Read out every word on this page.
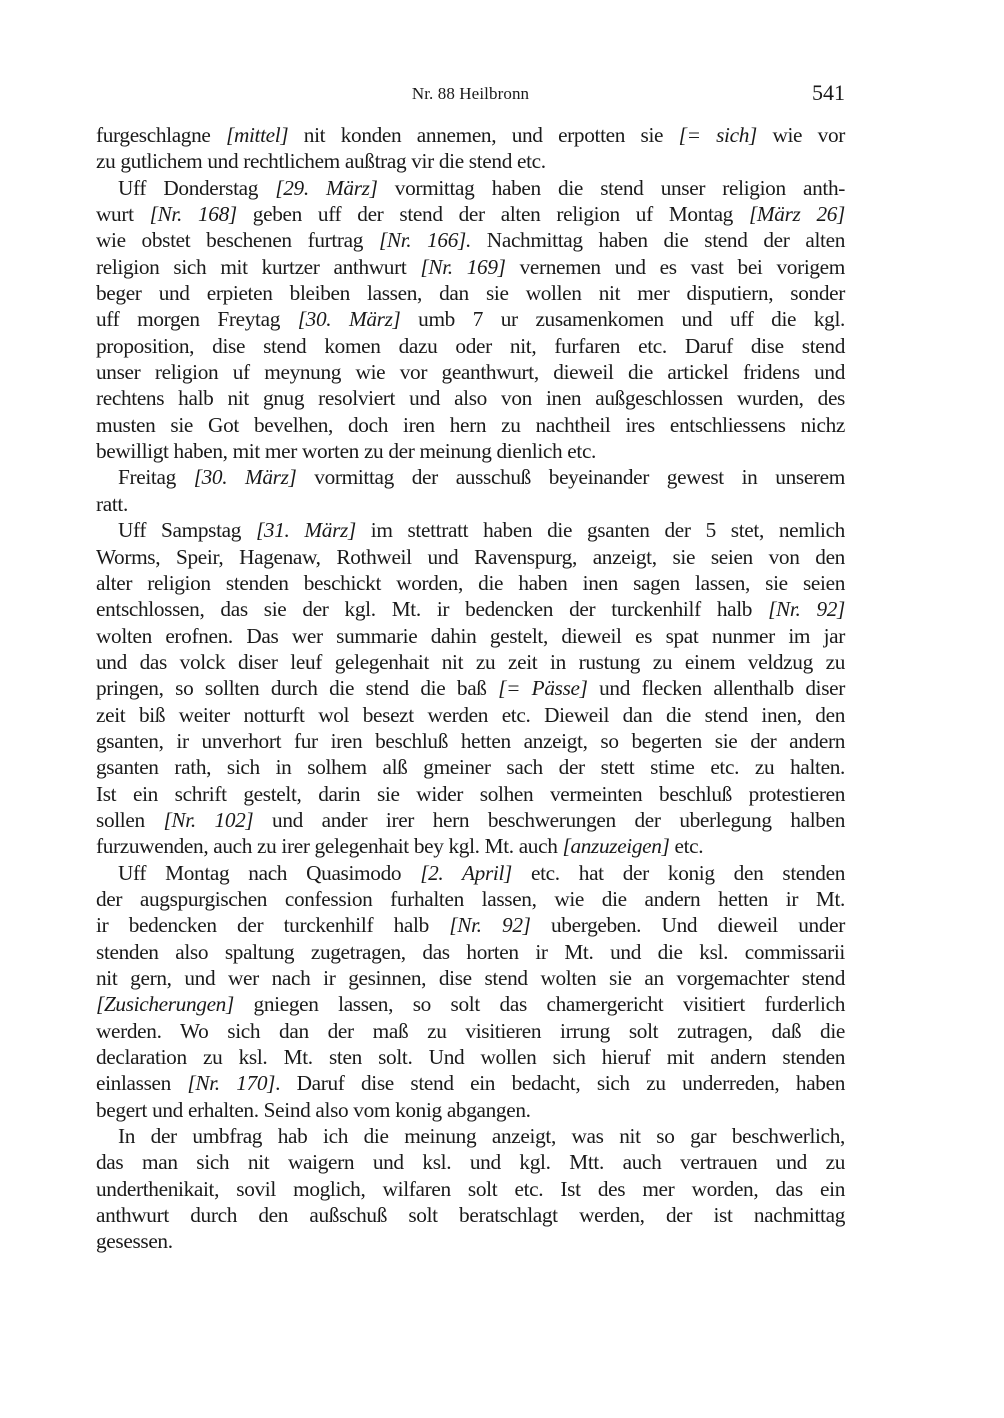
Nr. 88 Heilbronn	541
furgeschlagne [mittel] nit konden annemen, und erpotten sie [= sich] wie vor
zu gutlichem und rechtlichem außtrag vir die stend etc.
Uff Donderstag [29. März] vormittag haben die stend unser religion anth-
wurt [Nr. 168] geben uff der stend der alten religion uf Montag [März 26]
wie obstet beschenen furtrag [Nr. 166]. Nachmittag haben die stend der alten
religion sich mit kurtzer anthwurt [Nr. 169] vernemen und es vast bei vorigem
beger und erpieten bleiben lassen, dan sie wollen nit mer disputiern, sonder
uff morgen Freytag [30. März] umb 7 ur zusamenkomen und uff die kgl.
proposition, dise stend komen dazu oder nit, furfaren etc. Daruf dise stend
unser religion uf meynung wie vor geanthwurt, dieweil die artickel fridens und
rechtens halb nit gnug resolviert und also von inen außgeschlossen wurden, des
musten sie Got bevelhen, doch iren hern zu nachtheil ires entschliessens nichz
bewilligt haben, mit mer worten zu der meinung dienlich etc.
Freitag [30. März] vormittag der ausschuß beyeinander gewest in unserem
ratt.
Uff Sampstag [31. März] im stettratt haben die gsanten der 5 stet, nemlich
Worms, Speir, Hagenaw, Rothweil und Ravenspurg, anzeigt, sie seien von den
alter religion stenden beschickt worden, die haben inen sagen lassen, sie seien
entschlossen, das sie der kgl. Mt. ir bedencken der turckenhilf halb [Nr. 92]
wolten erofnen. Das wer summarie dahin gestelt, dieweil es spat nunmer im jar
und das volck diser leuf gelegenhait nit zu zeit in rustung zu einem veldzug zu
pringen, so sollten durch die stend die baß [= Pässe] und flecken allenthalb diser
zeit biß weiter notturft wol besezt werden etc. Dieweil dan die stend inen, den
gsanten, ir unverhort fur iren beschluß hetten anzeigt, so begerten sie der andern
gsanten rath, sich in solhem alß gmeiner sach der stett stime etc. zu halten.
Ist ein schrift gestelt, darin sie wider solhen vermeinten beschluß protestieren
sollen [Nr. 102] und ander irer hern beschwerungen der uberlegung halben
furzuwenden, auch zu irer gelegenhait bey kgl. Mt. auch [anzuzeigen] etc.
Uff Montag nach Quasimodo [2. April] etc. hat der konig den stenden
der augspurgischen confession furhalten lassen, wie die andern hetten ir Mt.
ir bedencken der turckenhilf halb [Nr. 92] ubergeben. Und dieweil under
stenden also spaltung zugetragen, das horten ir Mt. und die ksl. commissarii
nit gern, und wer nach ir gesinnen, dise stend wolten sie an vorgemachter stend
[Zusicherungen] gniegen lassen, so solt das chamergericht visitiert furderlich
werden. Wo sich dan der maß zu visitieren irrung solt zutragen, daß die
declaration zu ksl. Mt. sten solt. Und wollen sich hieruf mit andern stenden
einlassen [Nr. 170]. Daruf dise stend ein bedacht, sich zu underreden, haben
begert und erhalten. Seind also vom konig abgangen.
In der umbfrag hab ich die meinung anzeigt, was nit so gar beschwerlich,
das man sich nit waigern und ksl. und kgl. Mtt. auch vertrauen und zu
underthenikait, sovil moglich, wilfaren solt etc. Ist des mer worden, das ein
anthwurt durch den außschuß solt beratschlagt werden, der ist nachmittag
gesessen.
